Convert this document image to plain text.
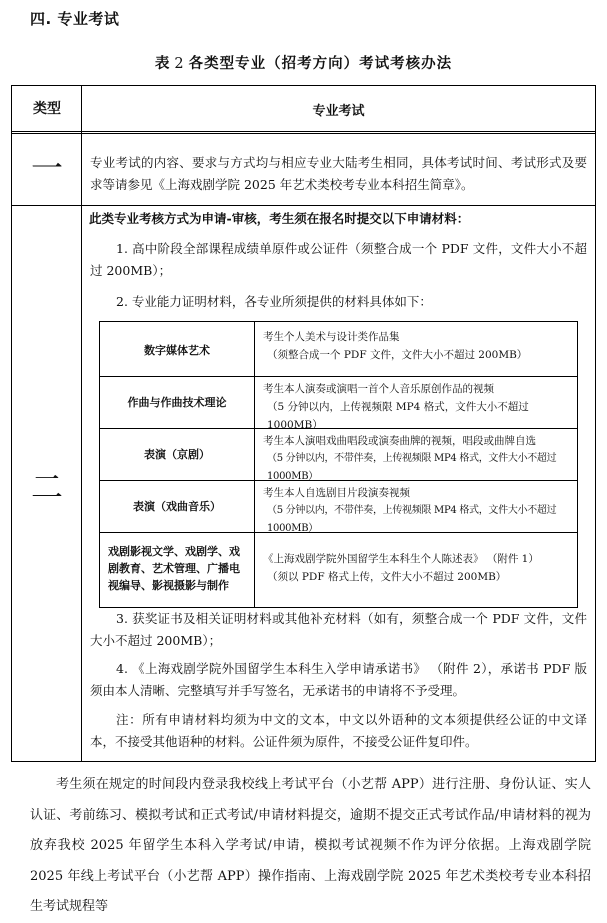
四. 专业考试
表 2 各类型专业（招考方向）考试考核办法
类型	专业考试
一	专业考试的内容、要求与方式均与相应专业大陆考生相同，具体考试时间、考试形式及要求等请参见《上海戏剧学院 2025 年艺术类校考专业本科招生简章》。
二
此类专业考核方式为申请-审核，考生须在报名时提交以下申请材料：
1. 高中阶段全部课程成绩单原件或公证件（须整合成一个 PDF 文件，文件大小不超过 200MB）；
2. 专业能力证明材料，各专业所须提供的材料具体如下：
数字媒体艺术
考生个人美术与设计类作品集
（须整合成一个 PDF 文件，文件大小不超过 200MB）
作曲与作曲技术理论
考生本人演奏或演唱一首个人音乐原创作品的视频
（5 分钟以内，上传视频限 MP4 格式，文件大小不超过 1000MB）
表演（京剧）
考生本人演唱戏曲唱段或演奏曲牌的视频，唱段或曲牌自选
（5 分钟以内，不带伴奏，上传视频限 MP4 格式，文件大小不超过 1000MB）
表演（戏曲音乐）
考生本人自选剧目片段演奏视频
（5 分钟以内，不带伴奏，上传视频限 MP4 格式，文件大小不超过 1000MB）
戏剧影视文学、戏剧学、戏
剧教育、艺术管理、广播电
视编导、影视摄影与制作
《上海戏剧学院外国留学生本科生个人陈述表》 （附件 1）
（须以 PDF 格式上传，文件大小不超过 200MB）
3. 获奖证书及相关证明材料或其他补充材料（如有，须整合成一个 PDF 文件，文件大小不超过 200MB）；
4. 《上海戏剧学院外国留学生本科生入学申请承诺书》 （附件 2），承诺书 PDF 版须由本人清晰、完整填写并手写签名，无承诺书的申请将不予受理。
注：所有申请材料均须为中文的文本，中文以外语种的文本须提供经公证的中文译本，不接受其他语种的材料。公证件须为原件，不接受公证件复印件。
考生须在规定的时间段内登录我校线上考试平台（小艺帮 APP）进行注册、身份认证、实人认证、考前练习、模拟考试和正式考试/申请材料提交，逾期不提交正式考试作品/申请材料的视为放弃我校 2025 年留学生本科入学考试/申请，模拟考试视频不作为评分依据。上海戏剧学院 2025 年线上考试平台（小艺帮 APP）操作指南、上海戏剧学院 2025 年艺术类校考专业本科招生考试规程等
